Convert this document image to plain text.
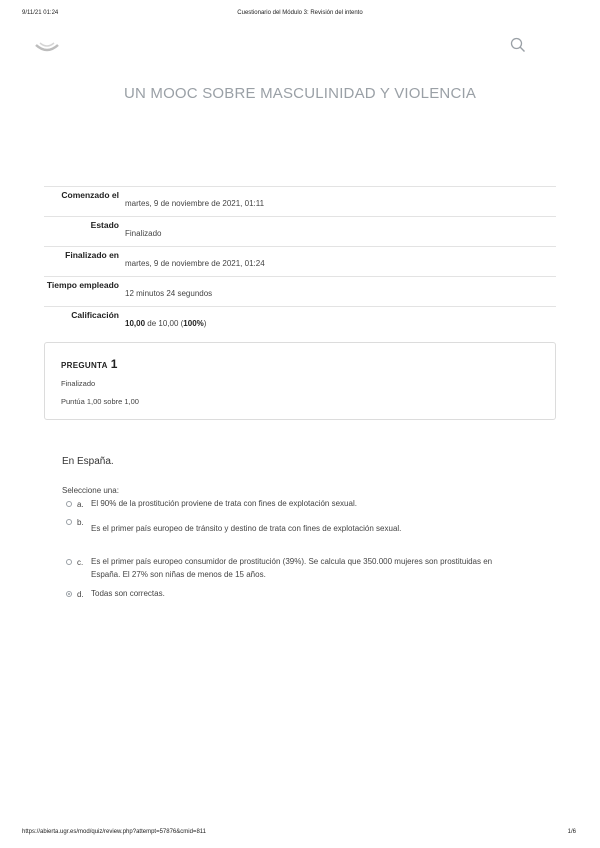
9/11/21 01:24	Cuestionario del Módulo 3: Revisión del intento
UN MOOC SOBRE MASCULINIDAD Y VIOLENCIA
Comenzado el
martes, 9 de noviembre de 2021, 01:11
Estado
Finalizado
Finalizado en
martes, 9 de noviembre de 2021, 01:24
Tiempo empleado
12 minutos 24 segundos
Calificación
10,00 de 10,00 (100%)
PREGUNTA 1
Finalizado
Puntúa 1,00 sobre 1,00
En España.
Seleccione una:
a. El 90% de la prostitución proviene de trata con fines de explotación sexual.
b.
Es el primer país europeo de tránsito y destino de trata con fines de explotación sexual.
c. Es el primer país europeo consumidor de prostitución (39%). Se calcula que 350.000 mujeres son prostituidas en España. El 27% son niñas de menos de 15 años.
d. Todas son correctas.
https://abierta.ugr.es/mod/quiz/review.php?attempt=57876&cmid=811	1/6
